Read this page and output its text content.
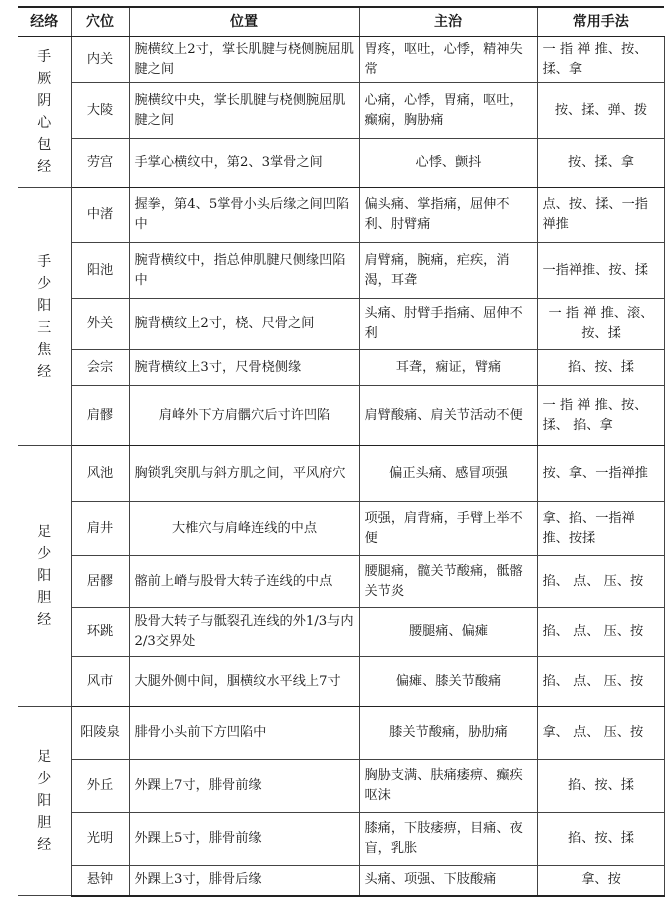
经络	穴位	位置	主治	常用手法

手厥阴心包经	内关	腕横纹上2寸，掌长肌腱与桡侧腕屈肌腱之间	胃疼，呕吐，心悸，精神失常	一 指 禅 推、按、揉、拿
	大陵	腕横纹中央，掌长肌腱与桡侧腕屈肌腱之间	心痛，心悸，胃痛，呕吐，癫痫，胸胁痛	按、揉、弹、拨
	劳宫	手掌心横纹中，第2、3掌骨之间	心悸、颤抖	按、揉、拿

手少阳三焦经	中渚	握拳，第4、5掌骨小头后缘之间凹陷中	偏头痛、掌指痛，屈伸不利、肘臂痛	点、按、揉、一指禅推
	阳池	腕背横纹中，指总伸肌腱尺侧缘凹陷中	肩臂痛，腕痛，疟疾，消渴，耳聋	一指禅推、按、揉
	外关	腕背横纹上2寸，桡、尺骨之间	头痛、肘臂手指痛、屈伸不利	一 指 禅 推、滚、按、揉
	会宗	腕背横纹上3寸，尺骨桡侧缘	耳聋，痫证，臂痛	掐、按、揉
	肩髎	肩峰外下方肩髃穴后寸许凹陷	肩臂酸痛、肩关节活动不便	一 指 禅 推、按、 揉、 掐、拿

足少阳胆经	风池	胸锁乳突肌与斜方肌之间，平风府穴	偏正头痛、感冒项强	按、拿、一指禅推
	肩井	大椎穴与肩峰连线的中点	项强，肩背痛，手臂上举不便	拿、掐、一指禅推、按揉
	居髎	髂前上嵴与股骨大转子连线的中点	腰腿痛，髋关节酸痛，骶髂关节炎	掐、 点、 压、按
	环跳	股骨大转子与骶裂孔连线的外1/3与内2/3交界处	腰腿痛、偏瘫	掐、 点、 压、按
	风市	大腿外侧中间，腘横纹水平线上7寸	偏瘫、膝关节酸痛	掐、 点、 压、按

足少阳胆经	阳陵泉	腓骨小头前下方凹陷中	膝关节酸痛，胁肋痛	拿、 点、 压、按
	外丘	外踝上7寸，腓骨前缘	胸胁支满、肤痛痿痹、癫疾呕沫	掐、按、揉
	光明	外踝上5寸，腓骨前缘	膝痛，下肢痿痹，目痛、夜盲，乳胀	掐、按、揉
	悬钟	外踝上3寸，腓骨后缘	头痛、项强、下肢酸痛	拿、按
